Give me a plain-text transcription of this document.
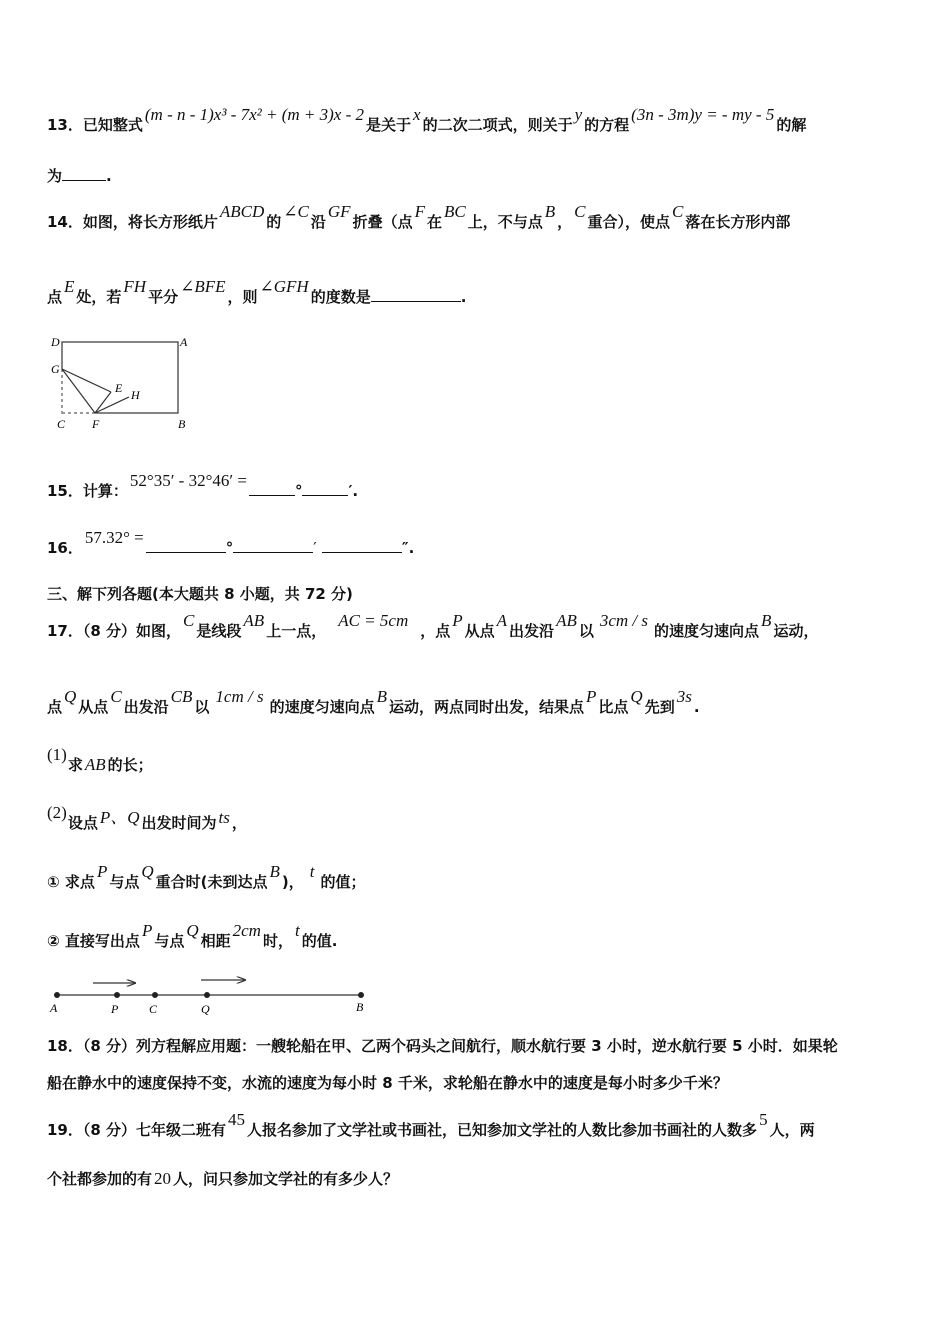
13．已知整式(m - n - 1)x³ - 7x² + (m + 3)x - 2是关于x的二次二项式，则关于y的方程(3n - 3m)y = - my - 5的解
为	.
14．如图，将长方形纸片ABCD的∠C沿GF折叠（点F在BC上，不与点B，C重合），使点C落在长方形内部
点E处，若FH平分∠BFE，则∠GFH的度数是	.
D	A
G
E H
C F	B
15．计算：52°35′ - 32°46′ =°	′.
16．57.32° =°	′	″.
三、解下列各题(本大题共 8 小题，共 72 分)
17．（8 分）如图，C是线段AB上一点，AC = 5cm，点P从点A出发沿AB以3cm / s的速度匀速向点B运动，
点Q从点C出发沿CB以1cm / s的速度匀速向点B运动，两点同时出发，结果点P比点Q先到3s.
(1)求 AB 的长；
(2)设点 P、Q 出发时间为 ts ，
① 求点P与点Q重合时(未到达点B)，t的值；
② 直接写出点P与点Q相距2cm时，t的值.
A	P	C	Q	B
18．（8 分）列方程解应用题：一艘轮船在甲、乙两个码头之间航行，顺水航行要 3 小时，逆水航行要 5 小时．如果轮
船在静水中的速度保持不变，水流的速度为每小时 8 千米，求轮船在静水中的速度是每小时多少千米？
19．（8 分）七年级二班有45人报名参加了文学社或书画社，已知参加文学社的人数比参加书画社的人数多5人，两
个社都参加的有 20 人，问只参加文学社的有多少人？
